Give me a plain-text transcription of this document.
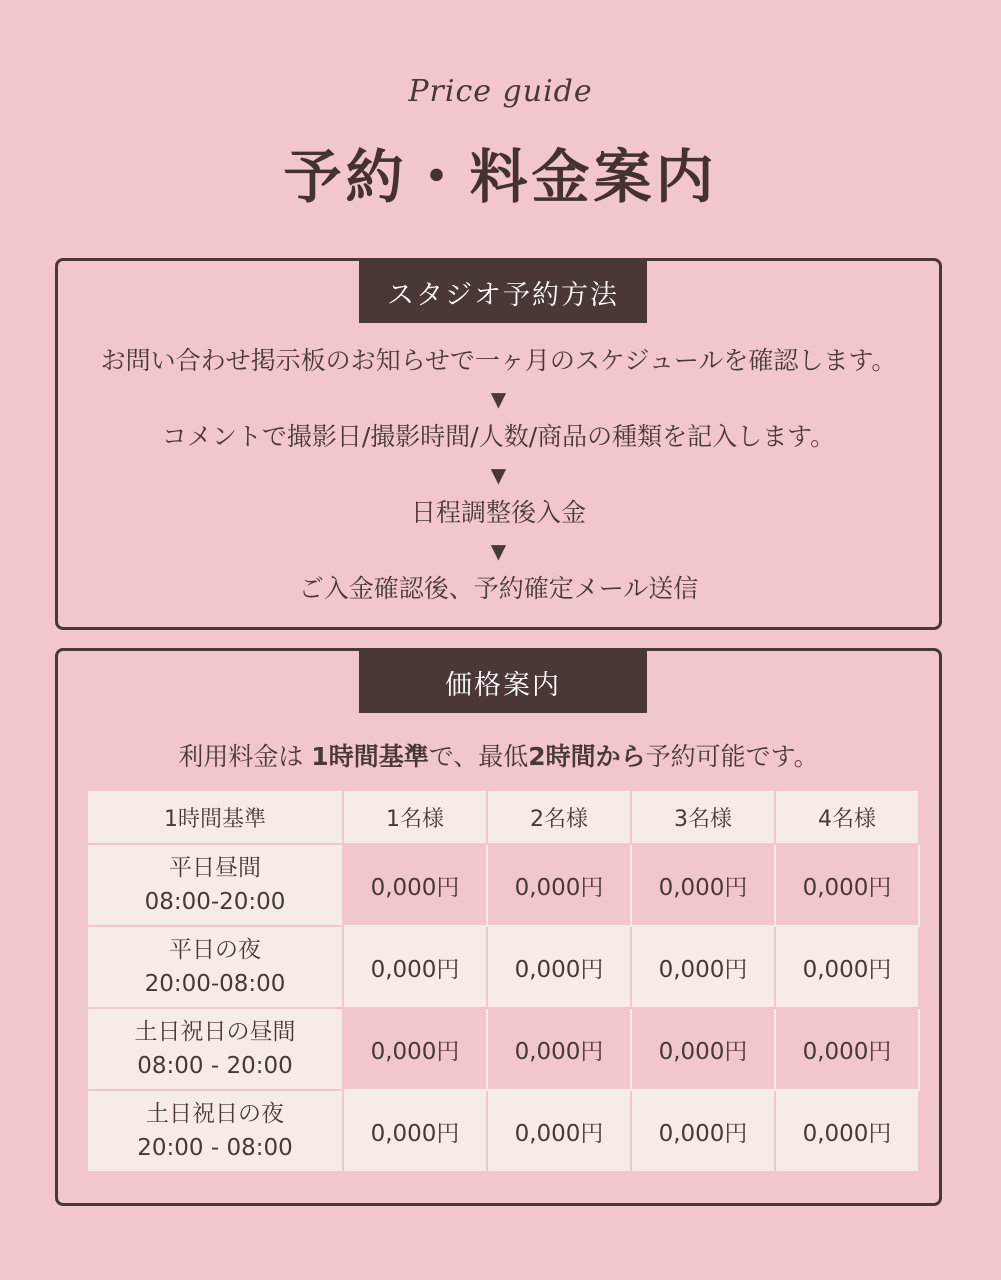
Price guide
予約・料金案内
スタジオ予約方法
お問い合わせ掲示板のお知らせで一ヶ月のスケジュールを確認します。
▼
コメントで撮影日/撮影時間/人数/商品の種類を記入します。
▼
日程調整後入金
▼
ご入金確認後、予約確定メール送信
価格案内
利用料金は 1時間基準で、最低2時間から予約可能です。
1時間基準	1名様	2名様	3名様	4名様

平日昼間
08:00-20:00	0,000円	0,000円	0,000円	0,000円

平日の夜
20:00-08:00	0,000円	0,000円	0,000円	0,000円

土日祝日の昼間
08:00 - 20:00	0,000円	0,000円	0,000円	0,000円

土日祝日の夜
20:00 - 08:00	0,000円	0,000円	0,000円	0,000円
